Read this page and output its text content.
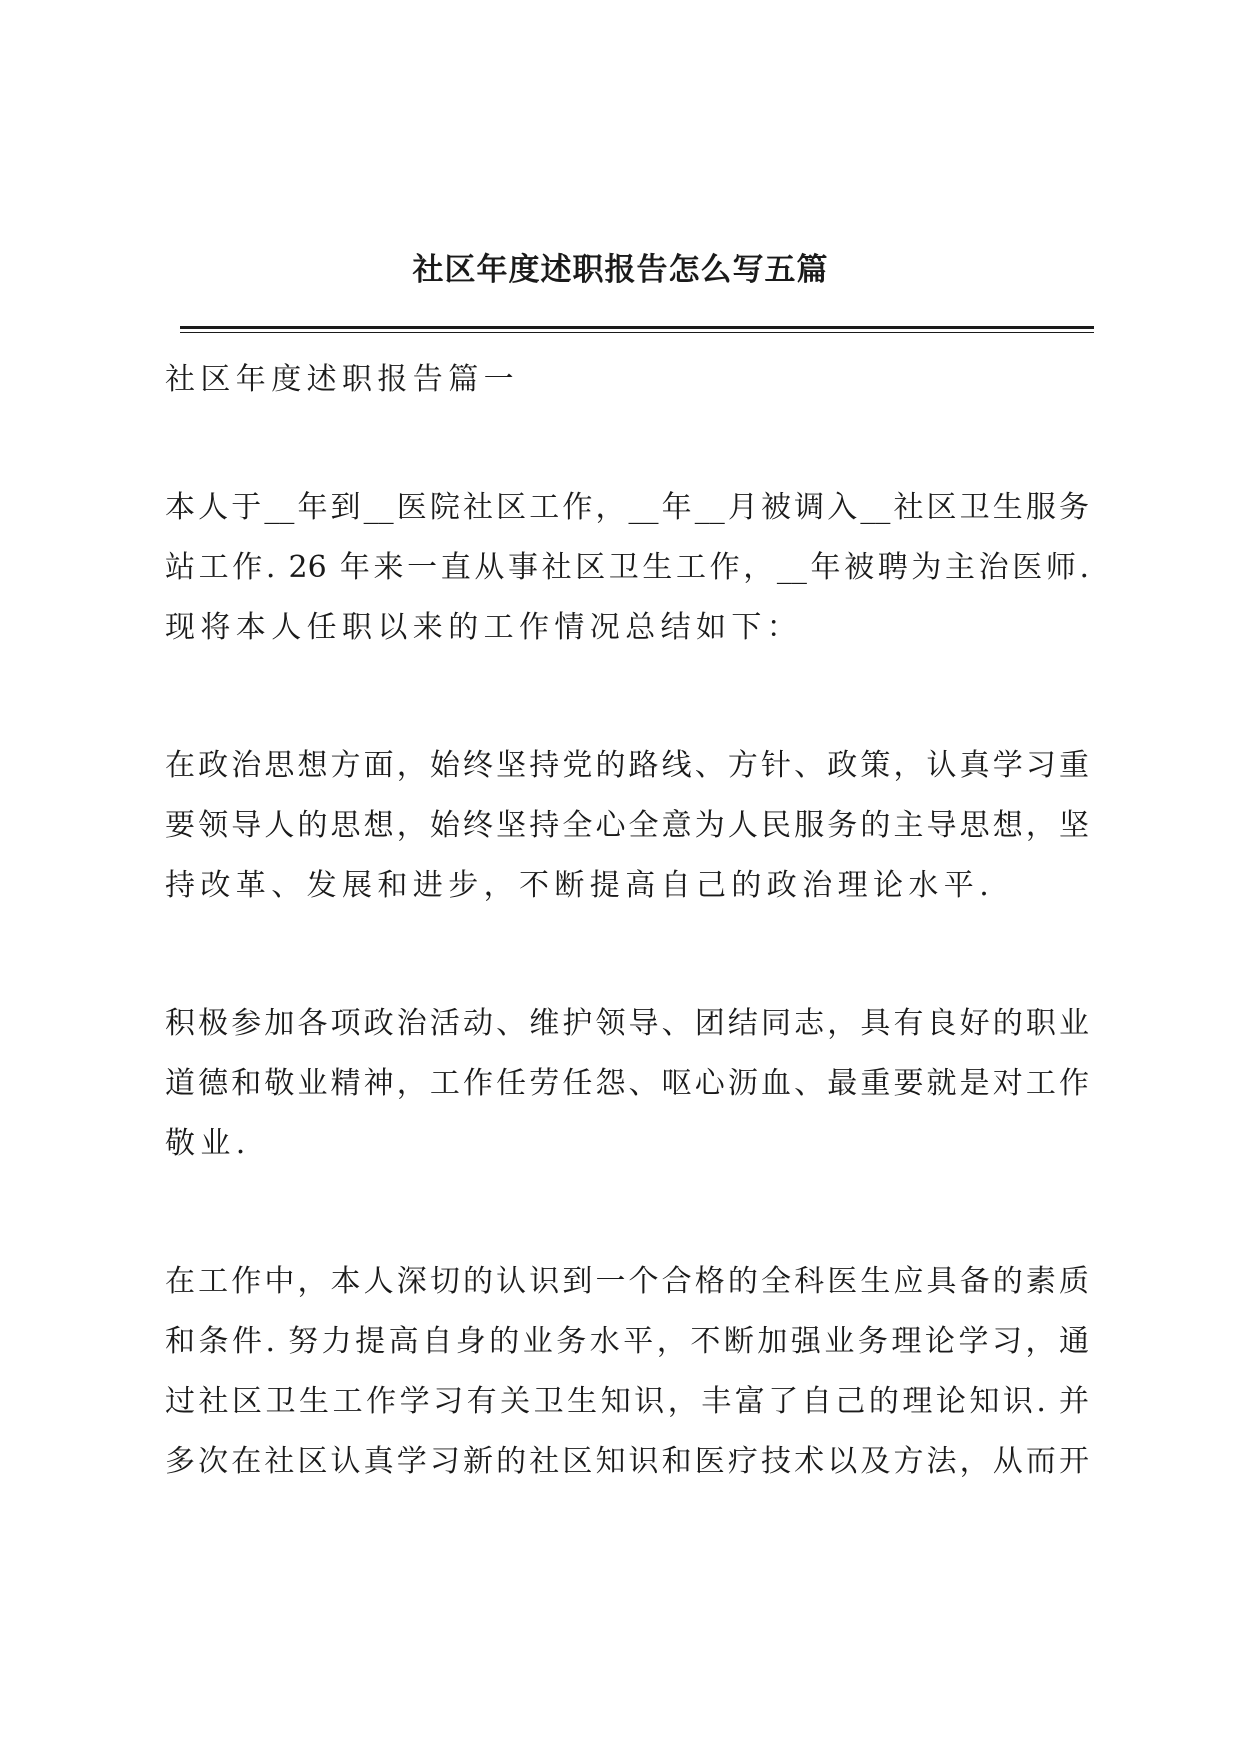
社区年度述职报告怎么写五篇
社区年度述职报告篇一
本人于__年到__医院社区工作，__年__月被调入__社区卫生服务
站工作. 26 年来一直从事社区卫生工作，__年被聘为主治医师.
现将本人任职以来的工作情况总结如下：
在政治思想方面，始终坚持党的路线、方针、政策，认真学习重
要领导人的思想，始终坚持全心全意为人民服务的主导思想，坚
持改革、发展和进步，不断提高自己的政治理论水平.
积极参加各项政治活动、维护领导、团结同志，具有良好的职业
道德和敬业精神，工作任劳任怨、呕心沥血、最重要就是对工作
敬业.
在工作中，本人深切的认识到一个合格的全科医生应具备的素质
和条件. 努力提高自身的业务水平，不断加强业务理论学习，通
过社区卫生工作学习有关卫生知识，丰富了自己的理论知识. 并
多次在社区认真学习新的社区知识和医疗技术以及方法，从而开
